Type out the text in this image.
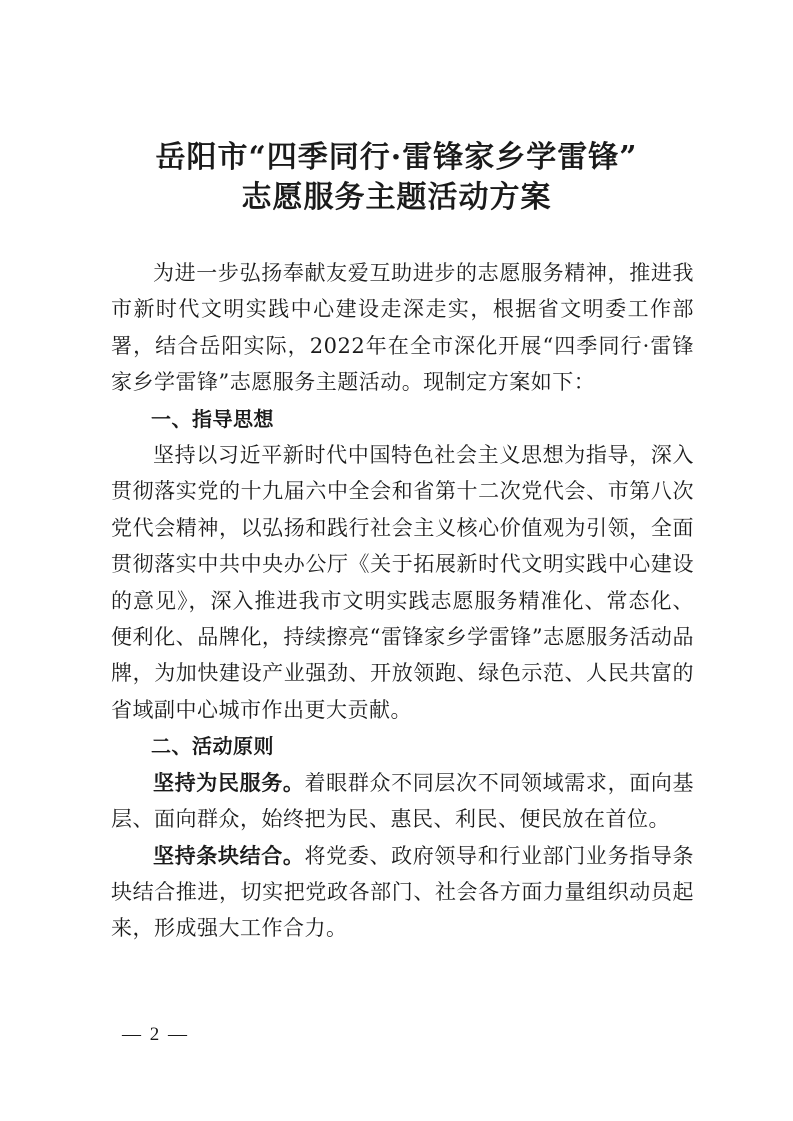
岳阳市“四季同行·雷锋家乡学雷锋”
志愿服务主题活动方案

为进一步弘扬奉献友爱互助进步的志愿服务精神，推进我市新时代文明实践中心建设走深走实，根据省文明委工作部署，结合岳阳实际，2022年在全市深化开展“四季同行·雷锋家乡学雷锋”志愿服务主题活动。现制定方案如下：

一、指导思想

坚持以习近平新时代中国特色社会主义思想为指导，深入贯彻落实党的十九届六中全会和省第十二次党代会、市第八次党代会精神，以弘扬和践行社会主义核心价值观为引领，全面贯彻落实中共中央办公厅《关于拓展新时代文明实践中心建设的意见》，深入推进我市文明实践志愿服务精准化、常态化、便利化、品牌化，持续擦亮“雷锋家乡学雷锋”志愿服务活动品牌，为加快建设产业强劲、开放领跑、绿色示范、人民共富的省域副中心城市作出更大贡献。

二、活动原则

坚持为民服务。着眼群众不同层次不同领域需求，面向基层、面向群众，始终把为民、惠民、利民、便民放在首位。

坚持条块结合。将党委、政府领导和行业部门业务指导条块结合推进，切实把党政各部门、社会各方面力量组织动员起来，形成强大工作合力。

— 2 —
